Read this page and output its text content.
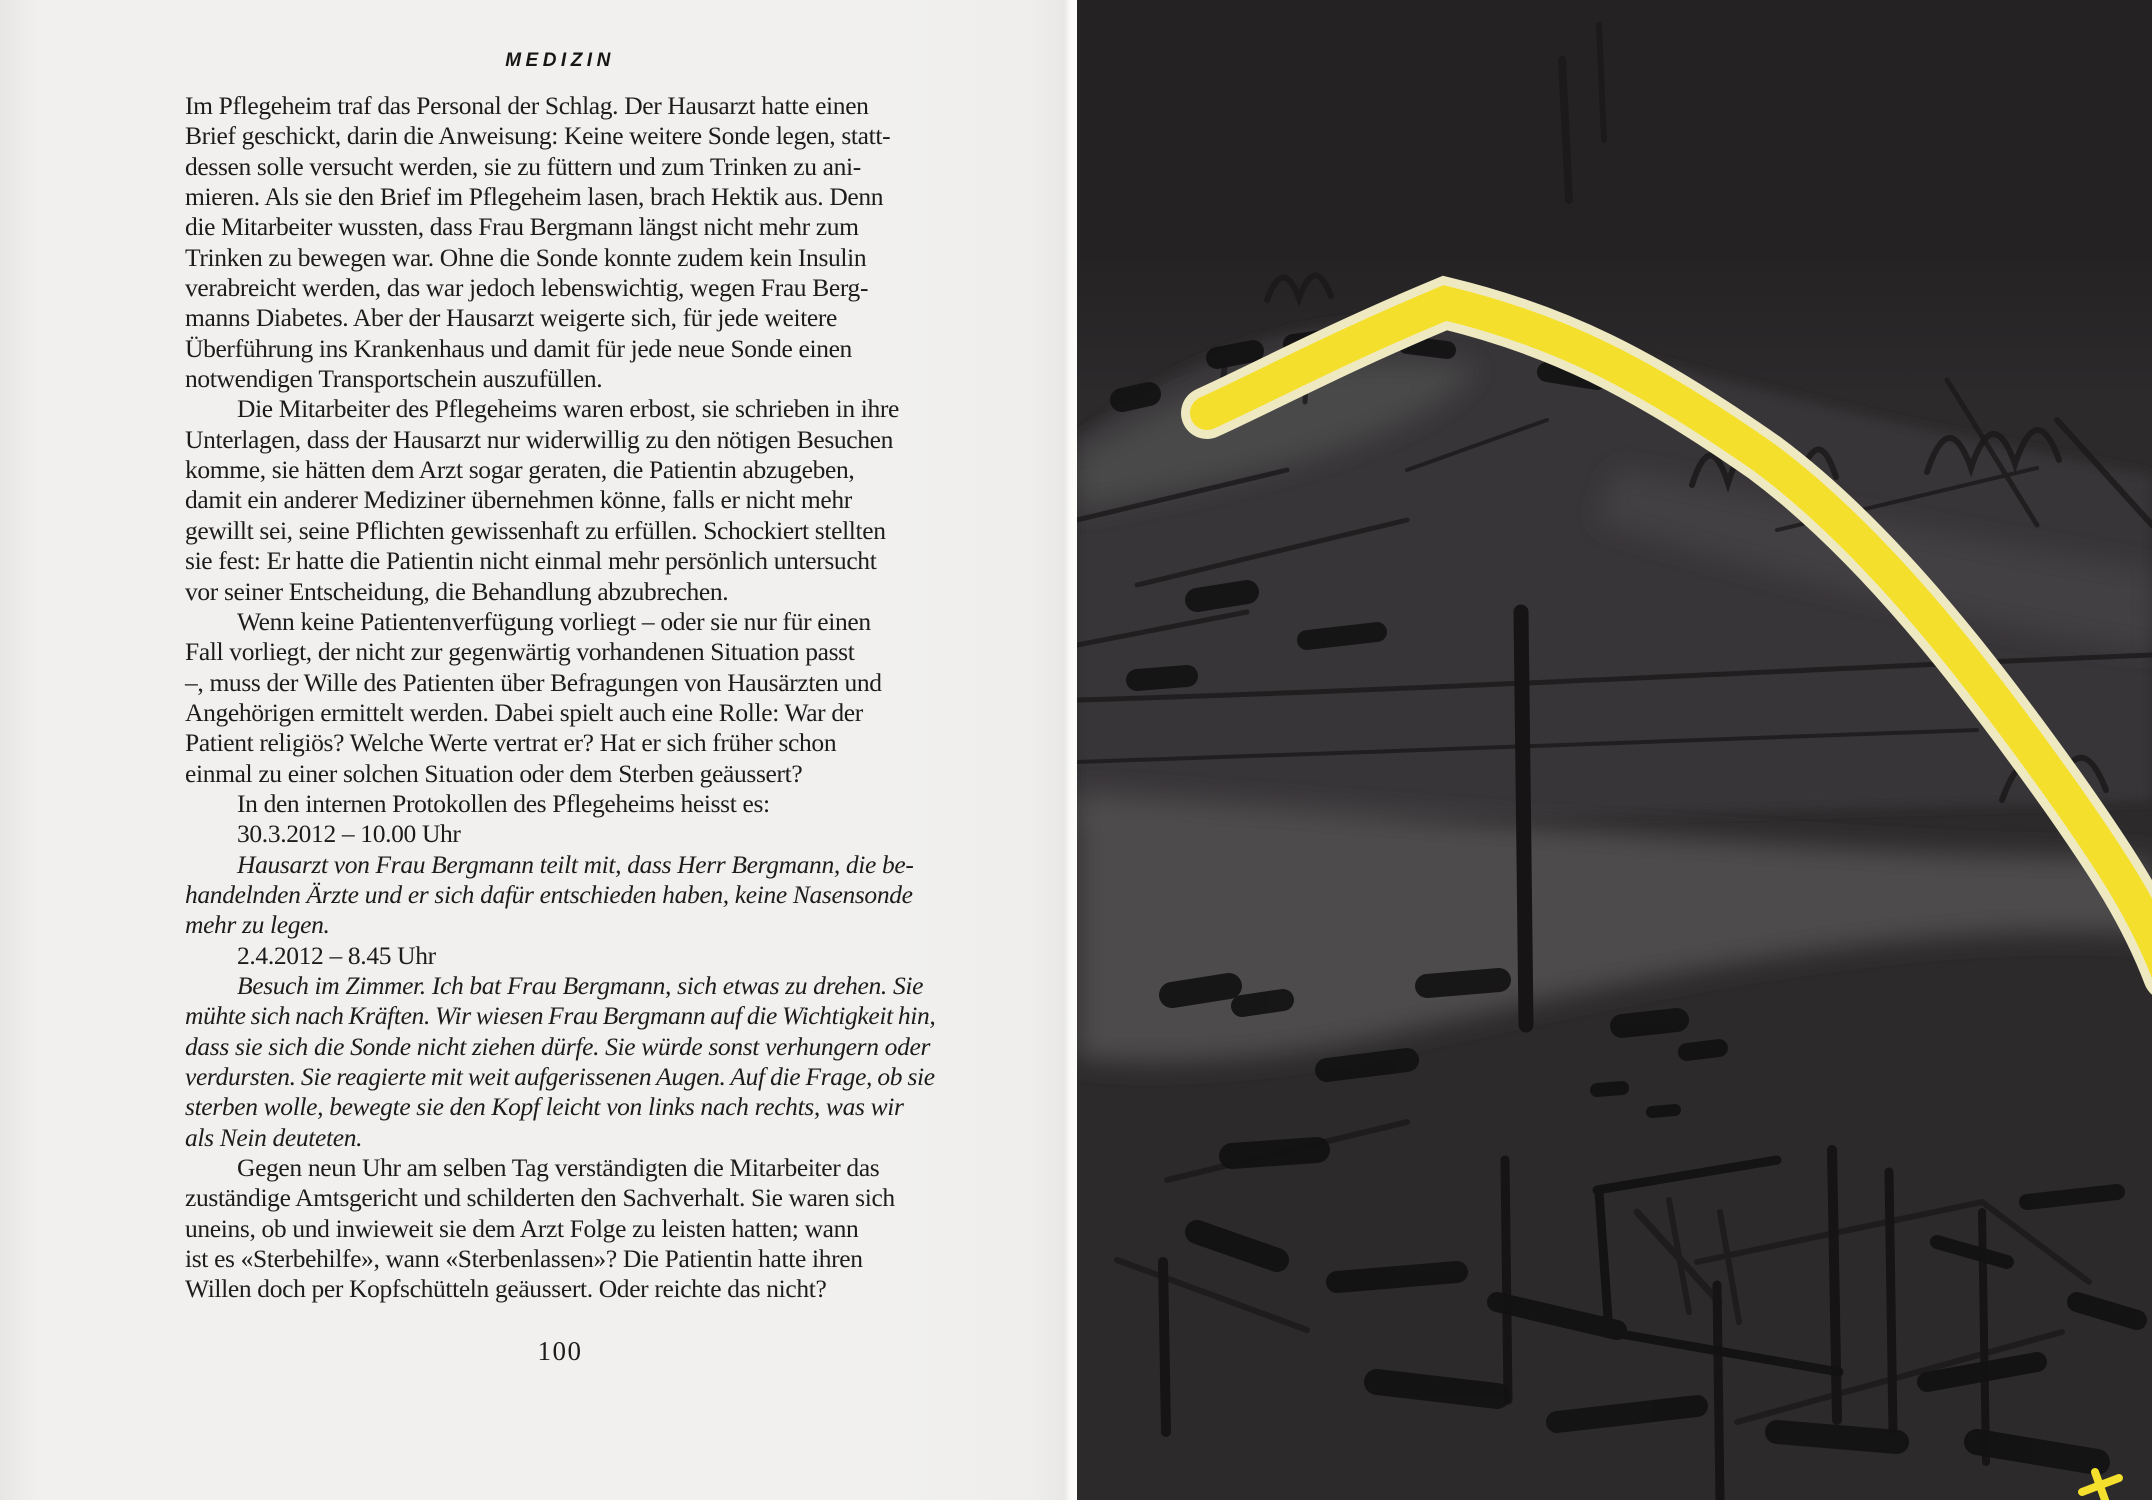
MEDIZIN
Im Pflegeheim traf das Personal der Schlag. Der Hausarzt hatte einen
Brief geschickt, darin die Anweisung: Keine weitere Sonde legen, statt-
dessen solle versucht werden, sie zu füttern und zum Trinken zu ani-
mieren. Als sie den Brief im Pflegeheim lasen, brach Hektik aus. Denn
die Mitarbeiter wussten, dass Frau Bergmann längst nicht mehr zum
Trinken zu bewegen war. Ohne die Sonde konnte zudem kein Insulin
verabreicht werden, das war jedoch lebenswichtig, wegen Frau Berg-
manns Diabetes. Aber der Hausarzt weigerte sich, für jede weitere
Überführung ins Krankenhaus und damit für jede neue Sonde einen
notwendigen Transportschein auszufüllen.
Die Mitarbeiter des Pflegeheims waren erbost, sie schrieben in ihre
Unterlagen, dass der Hausarzt nur widerwillig zu den nötigen Besuchen
komme, sie hätten dem Arzt sogar geraten, die Patientin abzugeben,
damit ein anderer Mediziner übernehmen könne, falls er nicht mehr
gewillt sei, seine Pflichten gewissenhaft zu erfüllen. Schockiert stellten
sie fest: Er hatte die Patientin nicht einmal mehr persönlich untersucht
vor seiner Entscheidung, die Behandlung abzubrechen.
Wenn keine Patientenverfügung vorliegt – oder sie nur für einen
Fall vorliegt, der nicht zur gegenwärtig vorhandenen Situation passt
–, muss der Wille des Patienten über Befragungen von Hausärzten und
Angehörigen ermittelt werden. Dabei spielt auch eine Rolle: War der
Patient religiös? Welche Werte vertrat er? Hat er sich früher schon
einmal zu einer solchen Situation oder dem Sterben geäussert?
In den internen Protokollen des Pflegeheims heisst es:
30.3.2012 – 10.00 Uhr
Hausarzt von Frau Bergmann teilt mit, dass Herr Bergmann, die be-
handelnden Ärzte und er sich dafür entschieden haben, keine Nasensonde
mehr zu legen.
2.4.2012 – 8.45 Uhr
Besuch im Zimmer. Ich bat Frau Bergmann, sich etwas zu drehen. Sie
mühte sich nach Kräften. Wir wiesen Frau Bergmann auf die Wichtigkeit hin,
dass sie sich die Sonde nicht ziehen dürfe. Sie würde sonst verhungern oder
verdursten. Sie reagierte mit weit aufgerissenen Augen. Auf die Frage, ob sie
sterben wolle, bewegte sie den Kopf leicht von links nach rechts, was wir
als Nein deuteten.
Gegen neun Uhr am selben Tag verständigten die Mitarbeiter das
zuständige Amtsgericht und schilderten den Sachverhalt. Sie waren sich
uneins, ob und inwieweit sie dem Arzt Folge zu leisten hatten; wann
ist es «Sterbehilfe», wann «Sterbenlassen»? Die Patientin hatte ihren
Willen doch per Kopfschütteln geäussert. Oder reichte das nicht?
100
